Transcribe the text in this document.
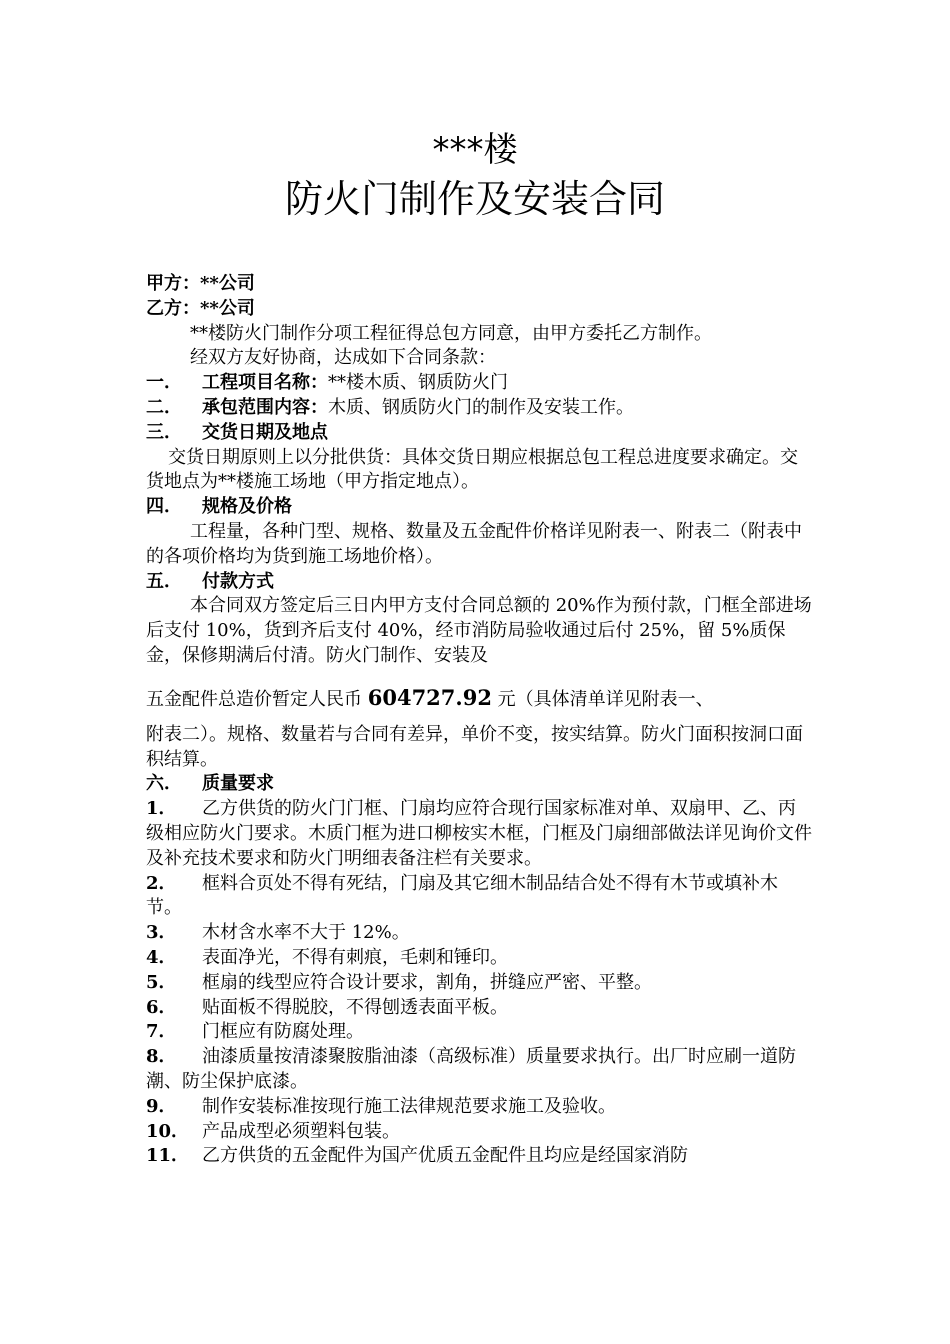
***楼
防火门制作及安装合同

甲方：**公司

乙方：**公司

**楼防火门制作分项工程征得总包方同意，由甲方委托乙方制作。

经双方友好协商，达成如下合同条款：

一． 工程项目名称：**楼木质、钢质防火门

二． 承包范围内容：木质、钢质防火门的制作及安装工作。

三． 交货日期及地点

交货日期原则上以分批供货：具体交货日期应根据总包工程总进度要求确定。交货地点为**楼施工场地（甲方指定地点）。

四． 规格及价格

工程量，各种门型、规格、数量及五金配件价格详见附表一、附表二（附表中的各项价格均为货到施工场地价格）。

五． 付款方式

本合同双方签定后三日内甲方支付合同总额的 20%作为预付款，门框全部进场后支付 10%，货到齐后支付 40%，经市消防局验收通过后付 25%，留 5%质保金，保修期满后付清。防火门制作、安装及

五金配件总造价暂定人民币 604727.92 元（具体清单详见附表一、

附表二）。规格、数量若与合同有差异，单价不变，按实结算。防火门面积按洞口面积结算。

六． 质量要求

1． 乙方供货的防火门门框、门扇均应符合现行国家标准对单、双扇甲、乙、丙级相应防火门要求。木质门框为进口柳桉实木框，门框及门扇细部做法详见询价文件及补充技术要求和防火门明细表备注栏有关要求。

2． 框料合页处不得有死结，门扇及其它细木制品结合处不得有木节或填补木节。

3． 木材含水率不大于 12%。

4． 表面净光，不得有刺痕，毛刺和锤印。

5． 框扇的线型应符合设计要求，割角，拼缝应严密、平整。

6． 贴面板不得脱胶，不得刨透表面平板。

7． 门框应有防腐处理。

8． 油漆质量按清漆聚胺脂油漆（高级标准）质量要求执行。出厂时应刷一道防潮、防尘保护底漆。

9． 制作安装标准按现行施工法律规范要求施工及验收。

10． 产品成型必须塑料包装。

11． 乙方供货的五金配件为国产优质五金配件且均应是经国家消防
